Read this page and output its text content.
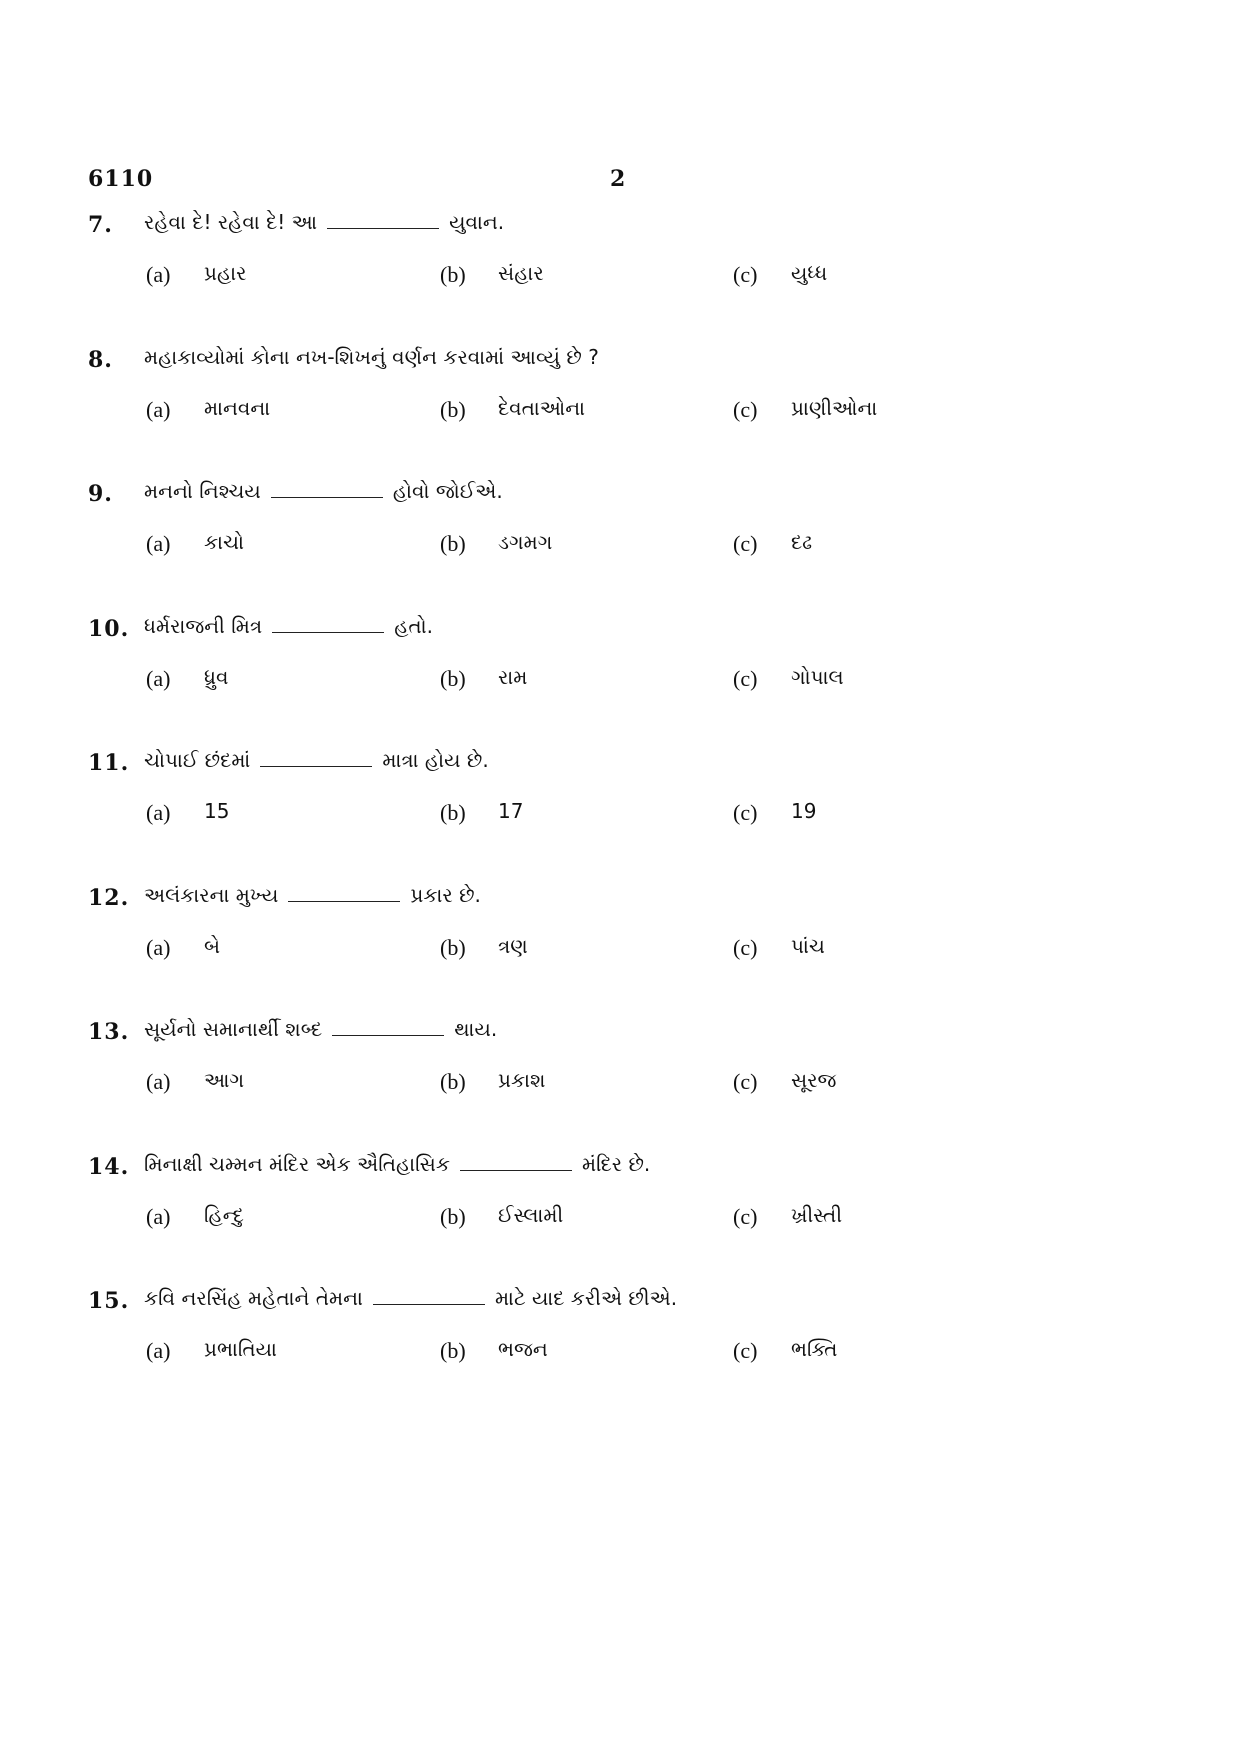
6110	2
7. રહેવા દે! રહેવા દે! આ	યુવાન.
(a) પ્રહાર	(b) સંહાર	(c) યુધ્ધ
8. મહાકાવ્યોમાં કોના નખ-શિખનું વર્ણન કરવામાં આવ્યું છે ?
(a) માનવના	(b) દેવતાઓના	(c) પ્રાણીઓના
9. મનનો નિશ્ચય	હોવો જોઈએ.
(a) કાચો	(b) ડગમગ	(c) દઢ
10. ધર્મરાજની મિત્ર	હતો.
(a) ધ્રુવ	(b) રામ	(c) ગોપાલ
11. ચોપાઈ છંદમાં	માત્રા હોય છે.
(a) 15	(b) 17	(c) 19
12. અલંકારના મુખ્ય	પ્રકાર છે.
(a) બે	(b) ત્રણ	(c) પાંચ
13. સૂર્યનો સમાનાર્થી શબ્દ	થાય.
(a) આગ	(b) પ્રકાશ	(c) સૂરજ
14. મિનાક્ષી ચમ્મન મંદિર એક ઐતિહાસિક	મંદિર છે.
(a) હિન્દુ	(b) ઈસ્લામી	(c) ખ્રીસ્તી
15. કવિ નરસિંહ મહેતાને તેમના	માટે યાદ કરીએ છીએ.
(a) પ્રભાતિયા	(b) ભજન	(c) ભક્તિ
